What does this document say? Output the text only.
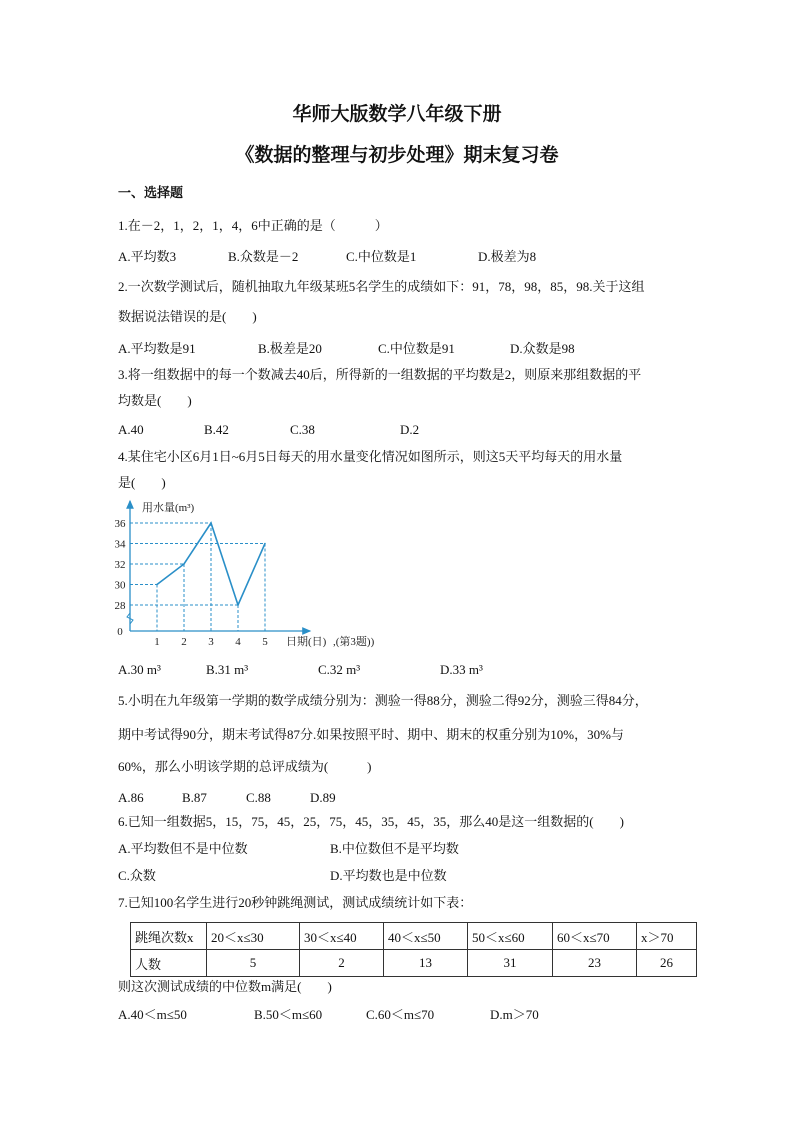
华师大版数学八年级下册
《数据的整理与初步处理》期末复习卷
一、选择题
1.在－2，1，2，1，4，6中正确的是（　　　）
A.平均数3	B.众数是－2	C.中位数是1	D.极差为8
2.一次数学测试后，随机抽取九年级某班5名学生的成绩如下：91，78，98，85，98.关于这组
数据说法错误的是(　　)
A.平均数是91	B.极差是20	C.中位数是91	D.众数是98
3.将一组数据中的每一个数减去40后，所得新的一组数据的平均数是2，则原来那组数据的平
均数是(　　)
A.40	B.42	C.38	D.2
4.某住宅小区6月1日~6月5日每天的用水量变化情况如图所示，则这5天平均每天的用水量
是(　　)
用水量(m³)
日期(日) ,(第3题))
0
28
30
32
34
36
1 2 3 4 5
A.30 m³	B.31 m³	C.32 m³	D.33 m³
5.小明在九年级第一学期的数学成绩分别为：测验一得88分，测验二得92分，测验三得84分，
期中考试得90分，期末考试得87分.如果按照平时、期中、期末的权重分别为10%，30%与
60%，那么小明该学期的总评成绩为(　　　)
A.86	B.87	C.88	D.89
6.已知一组数据5，15，75，45，25，75，45，35，45，35，那么40是这一组数据的(　　)
A.平均数但不是中位数	B.中位数但不是平均数
C.众数	D.平均数也是中位数
7.已知100名学生进行20秒钟跳绳测试，测试成绩统计如下表：
跳绳次数x	20＜x≤30	30＜x≤40	40＜x≤50	50＜x≤60	60＜x≤70	x＞70
人数	5	2	13	31	23	26
则这次测试成绩的中位数m满足(　　)
A.40＜m≤50	B.50＜m≤60	C.60＜m≤70	D.m＞70
